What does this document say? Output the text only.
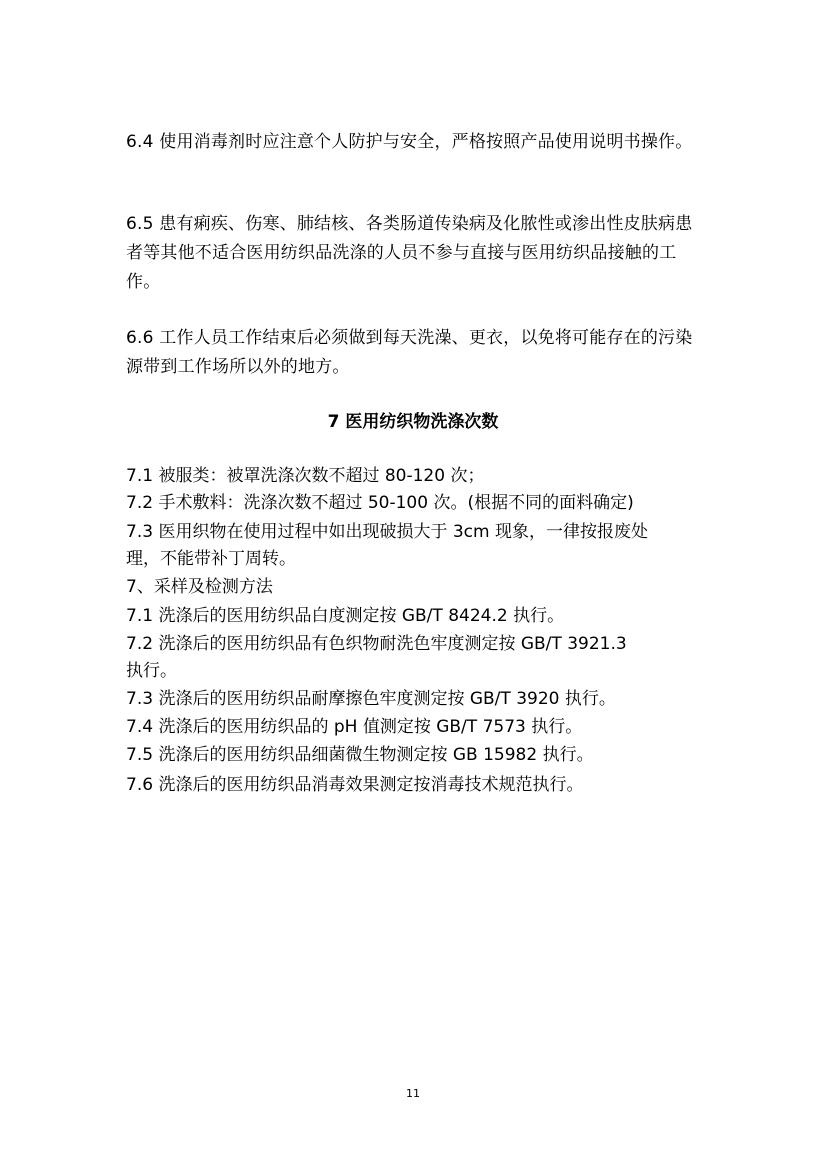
6.4 使用消毒剂时应注意个人防护与安全，严格按照产品使用说明书操作。

6.5 患有痢疾、伤寒、肺结核、各类肠道传染病及化脓性或渗出性皮肤病患者等其他不适合医用纺织品洗涤的人员不参与直接与医用纺织品接触的工作。

6.6 工作人员工作结束后必须做到每天洗澡、更衣，以免将可能存在的污染源带到工作场所以外的地方。

7 医用纺织物洗涤次数

7.1 被服类：被罩洗涤次数不超过 80-120 次；

7.2 手术敷料：洗涤次数不超过 50-100 次。(根据不同的面料确定)

7.3 医用织物在使用过程中如出现破损大于 3cm 现象，一律按报废处

理，不能带补丁周转。

7、采样及检测方法

7.1 洗涤后的医用纺织品白度测定按 GB/T 8424.2 执行。

7.2 洗涤后的医用纺织品有色织物耐洗色牢度测定按 GB/T 3921.3

执行。

7.3 洗涤后的医用纺织品耐摩擦色牢度测定按 GB/T 3920 执行。

7.4 洗涤后的医用纺织品的 pH 值测定按 GB/T 7573 执行。

7.5 洗涤后的医用纺织品细菌微生物测定按 GB 15982 执行。

7.6 洗涤后的医用纺织品消毒效果测定按消毒技术规范执行。

11
